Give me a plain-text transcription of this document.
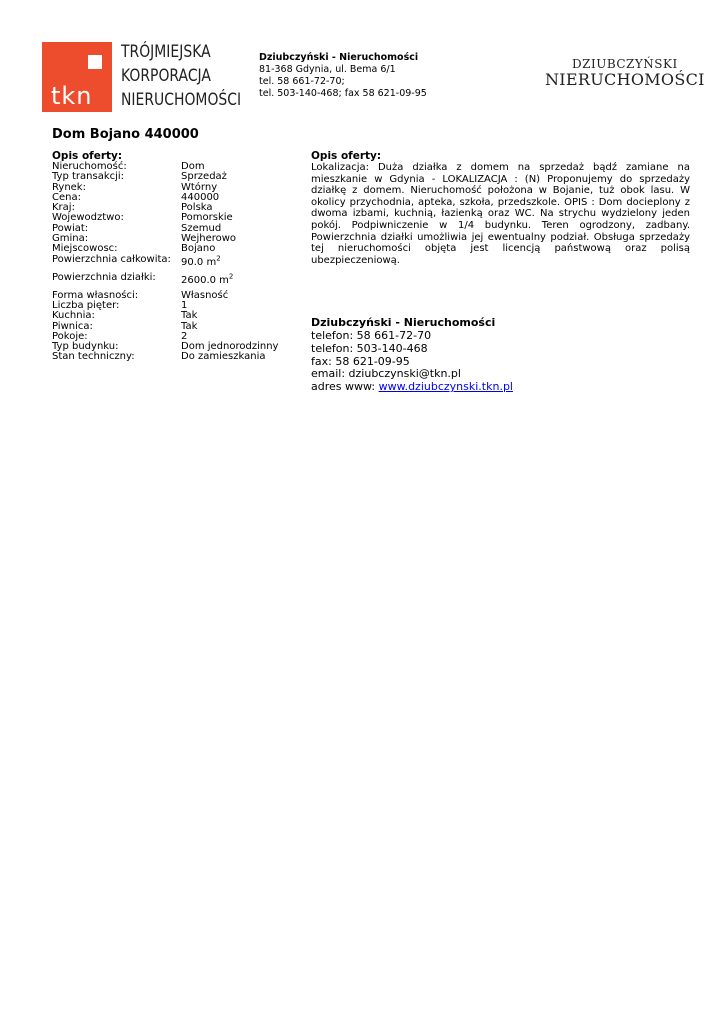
tkn
TRÓJMIEJSKA
KORPORACJA
NIERUCHOMOŚCI
Dziubczyński - Nieruchomości
81-368 Gdynia, ul. Bema 6/1
tel. 58 661-72-70;
tel. 503-140-468; fax 58 621-09-95
DZIUBCZYŃSKI
NIERUCHOMOŚCI
Dom Bojano 440000
Opis oferty:
Nieruchomość:	Dom
Typ transakcji:	Sprzedaż
Rynek:	Wtórny
Cena:	440000
Kraj:	Polska
Wojewodztwo:	Pomorskie
Powiat:	Szemud
Gmina:	Wejherowo
Miejscowosc:	Bojano
Powierzchnia całkowita:	90.0 $m^2$
Powierzchnia działki:	2600.0 $m^2$
Forma własności:	Własność
Liczba pięter:	1
Kuchnia:	Tak
Piwnica:	Tak
Pokoje:	2
Typ budynku:	Dom jednorodzinny
Stan techniczny:	Do zamieszkania
Opis oferty:

Lokalizacja: Duża działka z domem na sprzedaż bądź zamiane na mieszkanie w Gdynia - LOKALIZACJA : (N) Proponujemy do sprzedaży działkę z domem. Nieruchomość położona w Bojanie, tuż obok lasu. W okolicy przychodnia, apteka, szkoła, przedszkole. OPIS : Dom docieplony z dwoma izbami, kuchnią, łazienką oraz WC. Na strychu wydzielony jeden pokój. Podpiwniczenie w 1/4 budynku. Teren ogrodzony, zadbany. Powierzchnia działki umożliwia jej ewentualny podział. Obsługa sprzedaży tej nieruchomości objęta jest licencją państwową oraz polisą ubezpieczeniową.

Dziubczyński - Nieruchomości
telefon: 58 661-72-70
telefon: 503-140-468
fax: 58 621-09-95
email: dziubczynski@tkn.pl
adres www: www.dziubczynski.tkn.pl
